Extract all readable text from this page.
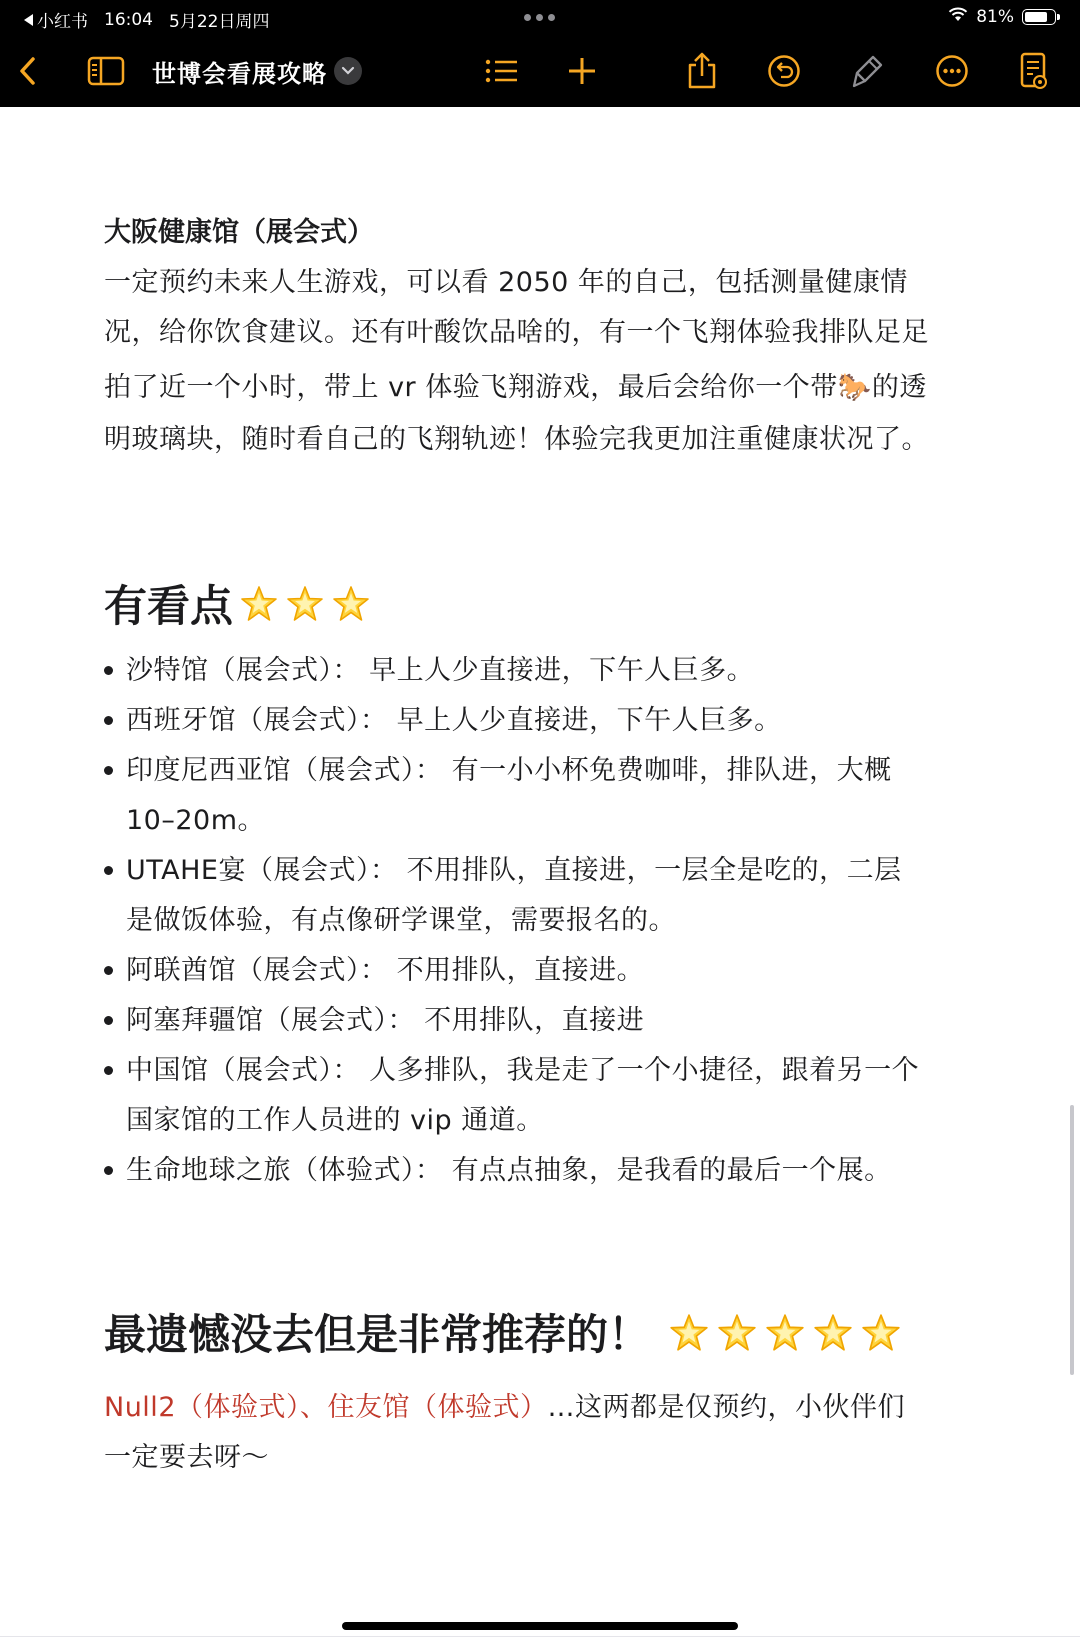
小红书 16:04 5月22日周四	81%
世博会看展攻略
大阪健康馆（展会式）
一定预约未来人生游戏，可以看 2050 年的自己，包括测量健康情
况，给你饮食建议。还有叶酸饮品啥的，有一个飞翔体验我排队足足
拍了近一个小时，带上 vr 体验飞翔游戏，最后会给你一个带🐎的透
明玻璃块，随时看自己的飞翔轨迹！体验完我更加注重健康状况了。
有看点
沙特馆（展会式）： 早上人少直接进，下午人巨多。
西班牙馆（展会式）： 早上人少直接进，下午人巨多。
印度尼西亚馆（展会式）： 有一小小杯免费咖啡，排队进，大概
10–20m。
UTAHE宴（展会式）： 不用排队，直接进，一层全是吃的，二层
是做饭体验，有点像研学课堂，需要报名的。
阿联酋馆（展会式）： 不用排队，直接进。
阿塞拜疆馆（展会式）： 不用排队，直接进
中国馆（展会式）： 人多排队，我是走了一个小捷径，跟着另一个
国家馆的工作人员进的 vip 通道。
生命地球之旅（体验式）： 有点点抽象，是我看的最后一个展。
最遗憾没去但是非常推荐的！
Null2（体验式）、住友馆（体验式）…这两都是仅预约，小伙伴们
一定要去呀～
